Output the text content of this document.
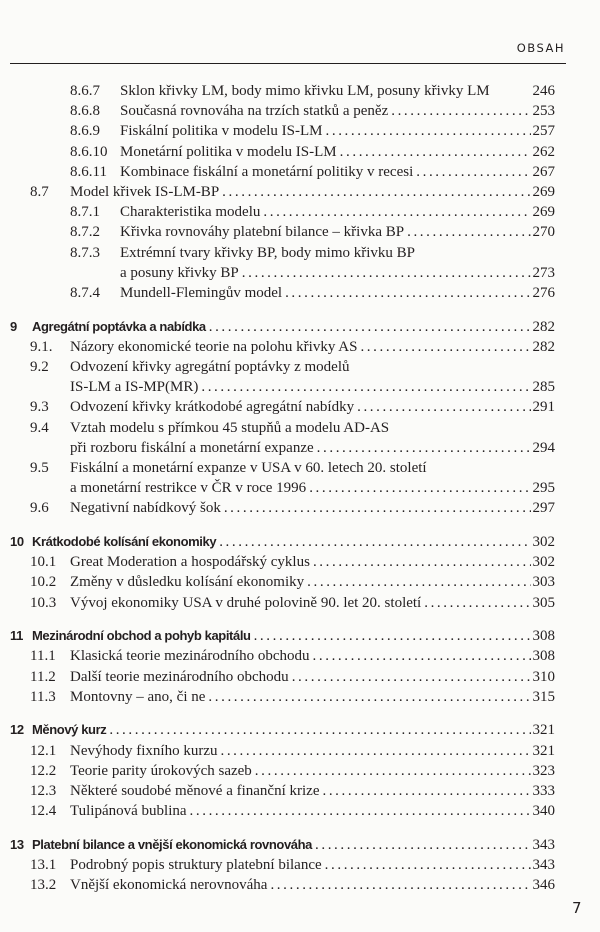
OBSAH
8.6.7 Sklon křivky LM, body mimo křivku LM, posuny křivky LM	246
8.6.8 Současná rovnováha na trzích statků a peněz .....	253
8.6.9 Fiskální politika v modelu IS-LM .....	257
8.6.10 Monetární politika v modelu IS-LM .....	262
8.6.11 Kombinace fiskální a monetární politiky v recesi .....	267
8.7 Model křivek IS-LM-BP .....	269
8.7.1 Charakteristika modelu .....	269
8.7.2 Křivka rovnováhy platební bilance – křivka BP .....	270
8.7.3 Extrémní tvary křivky BP, body mimo křivku BP
a posuny křivky BP .....	273
8.7.4 Mundell-Flemingův model .....	276
9 Agregátní poptávka a nabídka .....	282
9.1. Názory ekonomické teorie na polohu křivky AS .....	282
9.2 Odvození křivky agregátní poptávky z modelů
IS-LM a IS-MP(MR) .....	285
9.3 Odvození křivky krátkodobé agregátní nabídky .....	291
9.4 Vztah modelu s přímkou 45 stupňů a modelu AD-AS
při rozboru fiskální a monetární expanze .....	294
9.5 Fiskální a monetární expanze v USA v 60. letech 20. století
a monetární restrikce v ČR v roce 1996 .....	295
9.6 Negativní nabídkový šok .....	297
10 Krátkodobé kolísání ekonomiky .....	302
10.1 Great Moderation a hospodářský cyklus .....	302
10.2 Změny v důsledku kolísání ekonomiky .....	303
10.3 Vývoj ekonomiky USA v druhé polovině 90. let 20. století .....	305
11 Mezinárodní obchod a pohyb kapitálu .....	308
11.1 Klasická teorie mezinárodního obchodu .....	308
11.2 Další teorie mezinárodního obchodu .....	310
11.3 Montovny – ano, či ne .....	315
12 Měnový kurz .....	321
12.1 Nevýhody fixního kurzu .....	321
12.2 Teorie parity úrokových sazeb .....	323
12.3 Některé soudobé měnové a finanční krize .....	333
12.4 Tulipánová bublina .....	340
13 Platební bilance a vnější ekonomická rovnováha .....	343
13.1 Podrobný popis struktury platební bilance .....	343
13.2 Vnější ekonomická nerovnováha .....	346
7
